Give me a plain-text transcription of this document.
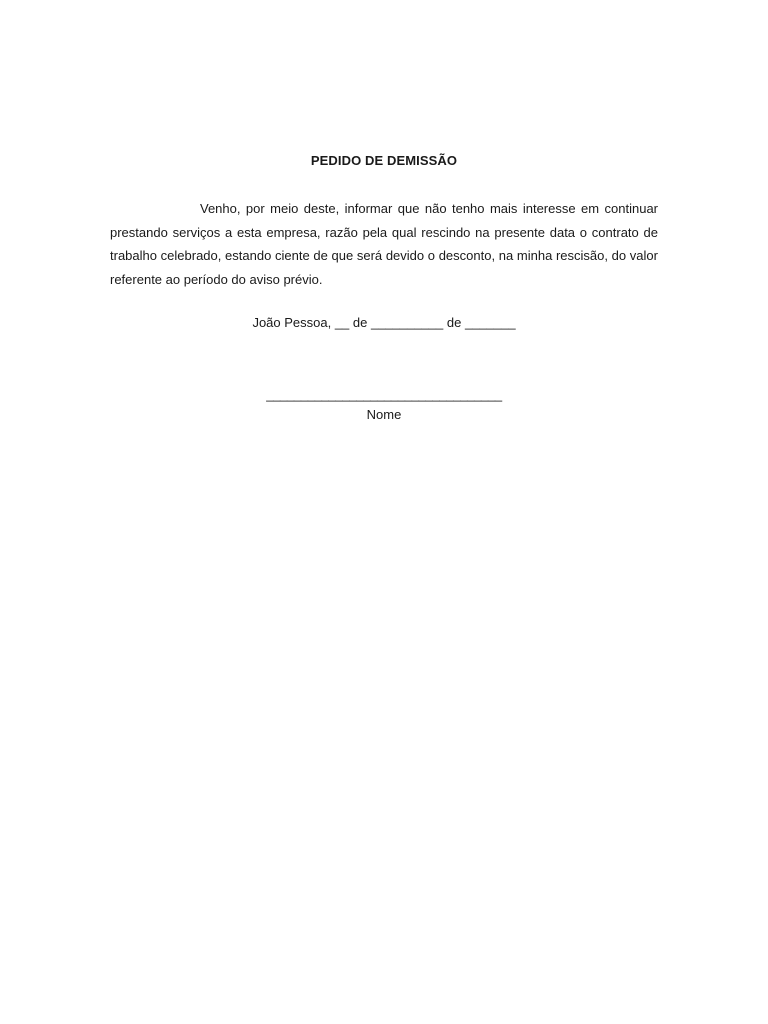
PEDIDO DE DEMISSÃO

Venho, por meio deste, informar que não tenho mais interesse em continuar prestando serviços a esta empresa, razão pela qual rescindo na presente data o contrato de trabalho celebrado, estando ciente de que será devido o desconto, na minha rescisão, do valor referente ao período do aviso prévio.

João Pessoa, __ de __________ de _______
__________________________________
Nome
